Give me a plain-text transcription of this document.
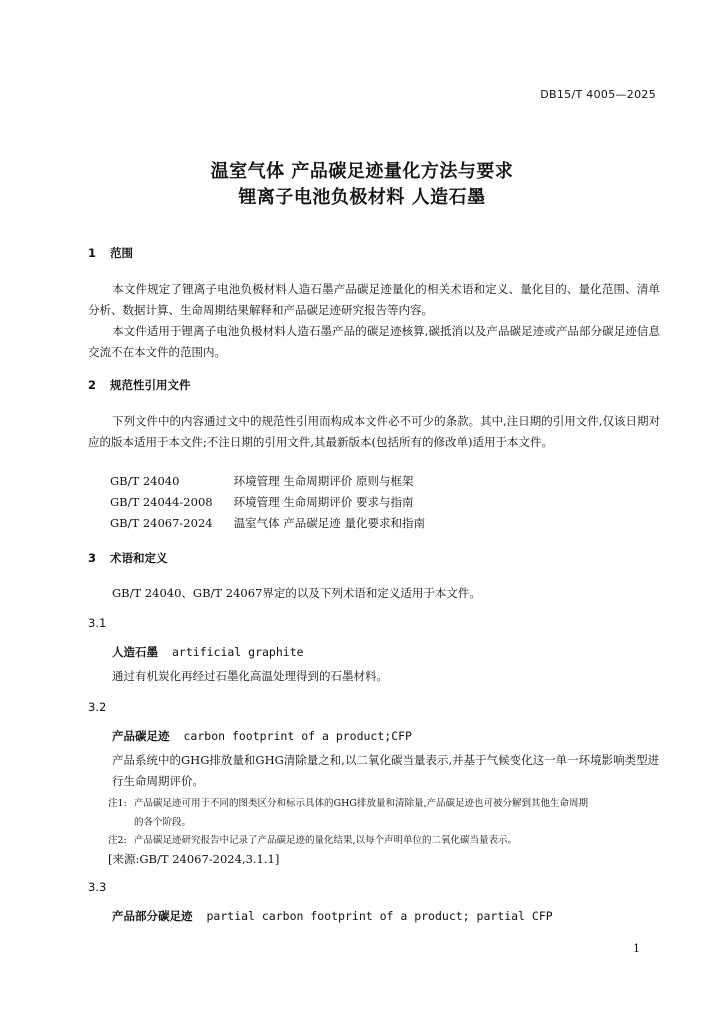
DB15/T 4005—2025
温室气体 产品碳足迹量化方法与要求
锂离子电池负极材料 人造石墨
1 范围
本文件规定了锂离子电池负极材料人造石墨产品碳足迹量化的相关术语和定义、量化目的、量化范围、清单分析、数据计算、生命周期结果解释和产品碳足迹研究报告等内容。
本文件适用于锂离子电池负极材料人造石墨产品的碳足迹核算,碳抵消以及产品碳足迹或产品部分碳足迹信息交流不在本文件的范围内。
2 规范性引用文件
下列文件中的内容通过文中的规范性引用而构成本文件必不可少的条款。其中,注日期的引用文件,仅该日期对应的版本适用于本文件;不注日期的引用文件,其最新版本(包括所有的修改单)适用于本文件。
GB/T 24040	环境管理 生命周期评价 原则与框架
GB/T 24044-2008 环境管理 生命周期评价 要求与指南
GB/T 24067-2024 温室气体 产品碳足迹 量化要求和指南
3 术语和定义
GB/T 24040、GB/T 24067界定的以及下列术语和定义适用于本文件。
3.1
人造石墨 artificial graphite
通过有机炭化再经过石墨化高温处理得到的石墨材料。
3.2
产品碳足迹 carbon footprint of a product;CFP
产品系统中的GHG排放量和GHG清除量之和,以二氧化碳当量表示,并基于气候变化这一单一环境影响类型进行生命周期评价。
注1: 产品碳足迹可用于不同的图类区分和标示具体的GHG排放量和清除量,产品碳足迹也可被分解到其他生命周期
的各个阶段。
注2: 产品碳足迹研究报告中记录了产品碳足迹的量化结果,以每个声明单位的二氧化碳当量表示。
[来源:GB/T 24067-2024,3.1.1]
3.3
产品部分碳足迹 partial carbon footprint of a product; partial CFP
1
